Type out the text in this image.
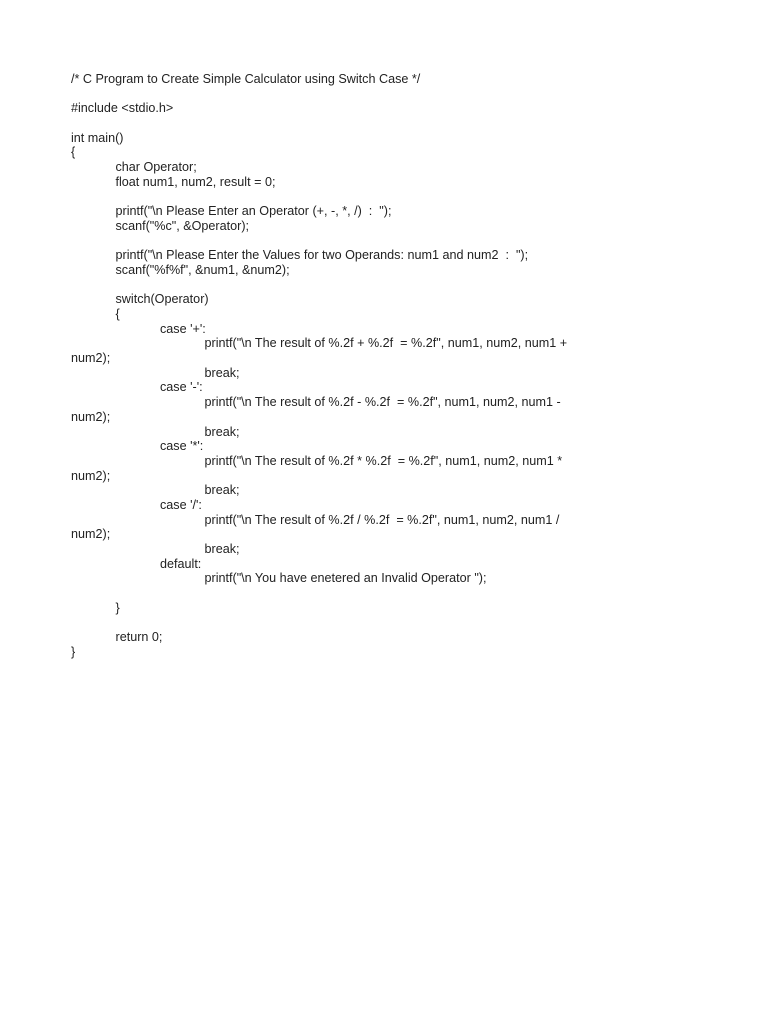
/* C Program to Create Simple Calculator using Switch Case */
#include <stdio.h>
int main()
{
char Operator;
float num1, num2, result = 0;
printf("\n Please Enter an Operator (+, -, *, /)  :  ");
scanf("%c", &Operator);
printf("\n Please Enter the Values for two Operands: num1 and num2  :  ");
scanf("%f%f", &num1, &num2);
switch(Operator)
{
case '+':
printf("\n The result of %.2f + %.2f  = %.2f", num1, num2, num1 +
num2);
break;
case '-':
printf("\n The result of %.2f - %.2f  = %.2f", num1, num2, num1 -
num2);
break;
case '*':
printf("\n The result of %.2f * %.2f  = %.2f", num1, num2, num1 *
num2);
break;
case '/':
printf("\n The result of %.2f / %.2f  = %.2f", num1, num2, num1 /
num2);
break;
default:
printf("\n You have enetered an Invalid Operator ");
}
return 0;
}
